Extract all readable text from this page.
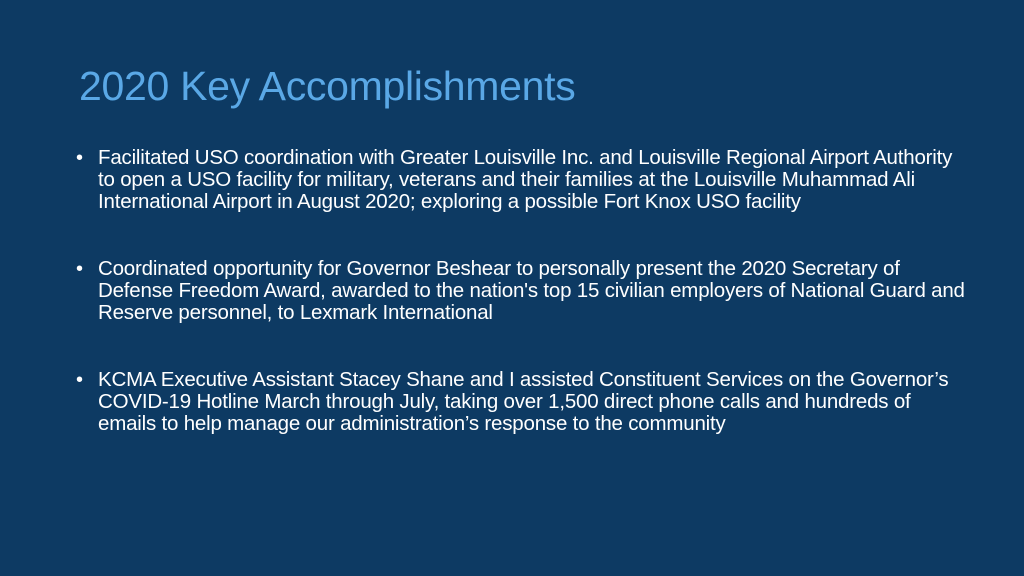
2020 Key Accomplishments
• Facilitated USO coordination with Greater Louisville Inc. and Louisville Regional Airport Authority to open a USO facility for military, veterans and their families at the Louisville Muhammad Ali International Airport in August 2020; exploring a possible Fort Knox USO facility
• Coordinated opportunity for Governor Beshear to personally present the 2020 Secretary of Defense Freedom Award, awarded to the nation's top 15 civilian employers of National Guard and Reserve personnel, to Lexmark International
• KCMA Executive Assistant Stacey Shane and I assisted Constituent Services on the Governor’s COVID-19 Hotline March through July, taking over 1,500 direct phone calls and hundreds of emails to help manage our administration’s response to the community
